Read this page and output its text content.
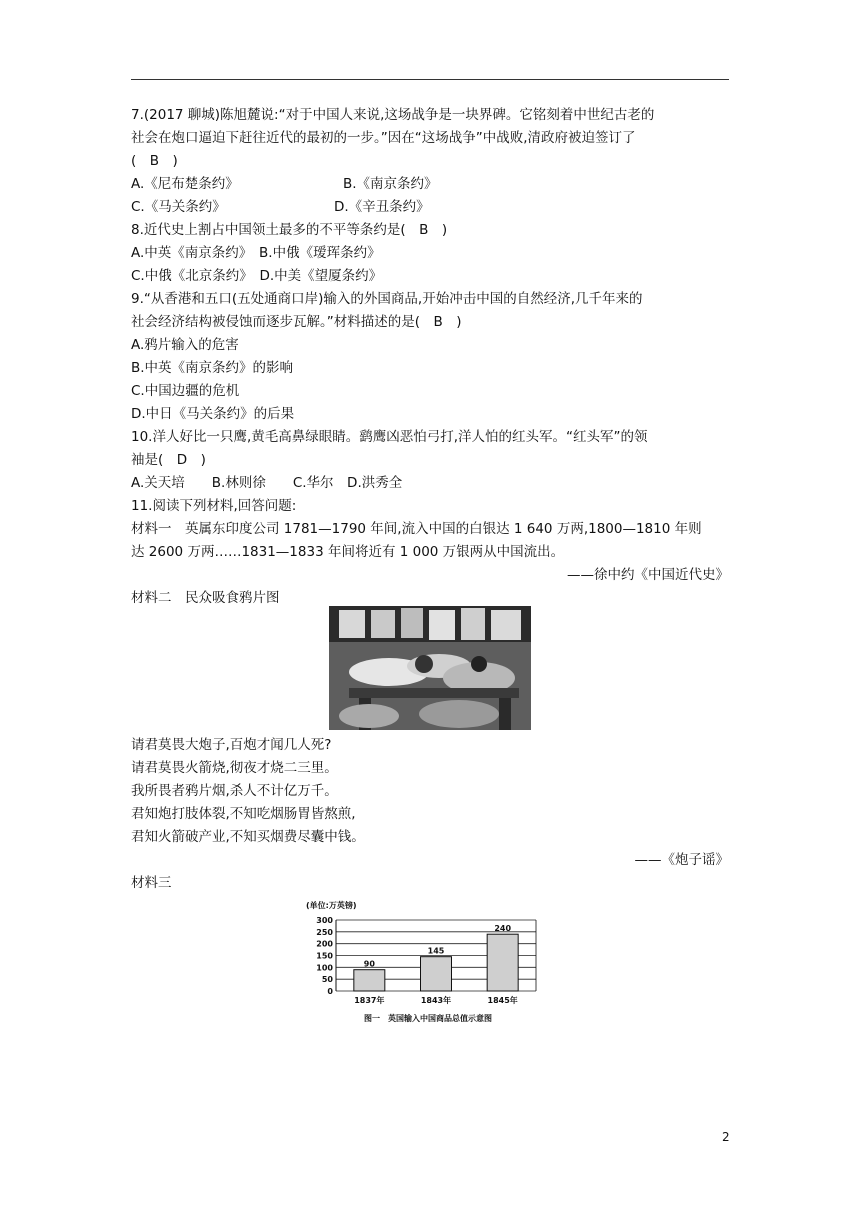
7.(2017 聊城)陈旭麓说:“对于中国人来说,这场战争是一块界碑。它铭刻着中世纪古老的
社会在炮口逼迫下赶往近代的最初的一步。”因在“这场战争”中战败,清政府被迫签订了
(　B　)
A.《尼布楚条约》	B.《南京条约》
C.《马关条约》	D.《辛丑条约》
8.近代史上割占中国领土最多的不平等条约是(　B　)
A.中英《南京条约》　B.中俄《瑷珲条约》
C.中俄《北京条约》　D.中美《望厦条约》
9.“从香港和五口(五处通商口岸)输入的外国商品,开始冲击中国的自然经济,几千年来的
社会经济结构被侵蚀而逐步瓦解。”材料描述的是(　B　)
A.鸦片输入的危害
B.中英《南京条约》的影响
C.中国边疆的危机
D.中日《马关条约》的后果
10.洋人好比一只鹰,黄毛高鼻绿眼睛。鹞鹰凶恶怕弓打,洋人怕的红头军。“红头军”的领
袖是(　D　)
A.关天培　　B.林则徐　　C.华尔　D.洪秀全
11.阅读下列材料,回答问题:
材料一　英属东印度公司 1781—1790 年间,流入中国的白银达 1 640 万两,1800—1810 年则
达 2600 万两……1831—1833 年间将近有 1 000 万银两从中国流出。
——徐中约《中国近代史》
材料二　民众吸食鸦片图
请君莫畏大炮子,百炮才闻几人死?
请君莫畏火箭烧,彻夜才烧二三里。
我所畏者鸦片烟,杀人不计亿万千。
君知炮打肢体裂,不知吃烟肠胃皆熬煎,
君知火箭破产业,不知买烟费尽囊中钱。
——《炮子谣》
材料三
(单位:万英镑)
300
250
200
150
100
50
0
90
1837年
145
1843年
240
1845年
图一　英国输入中国商品总值示意图
2
